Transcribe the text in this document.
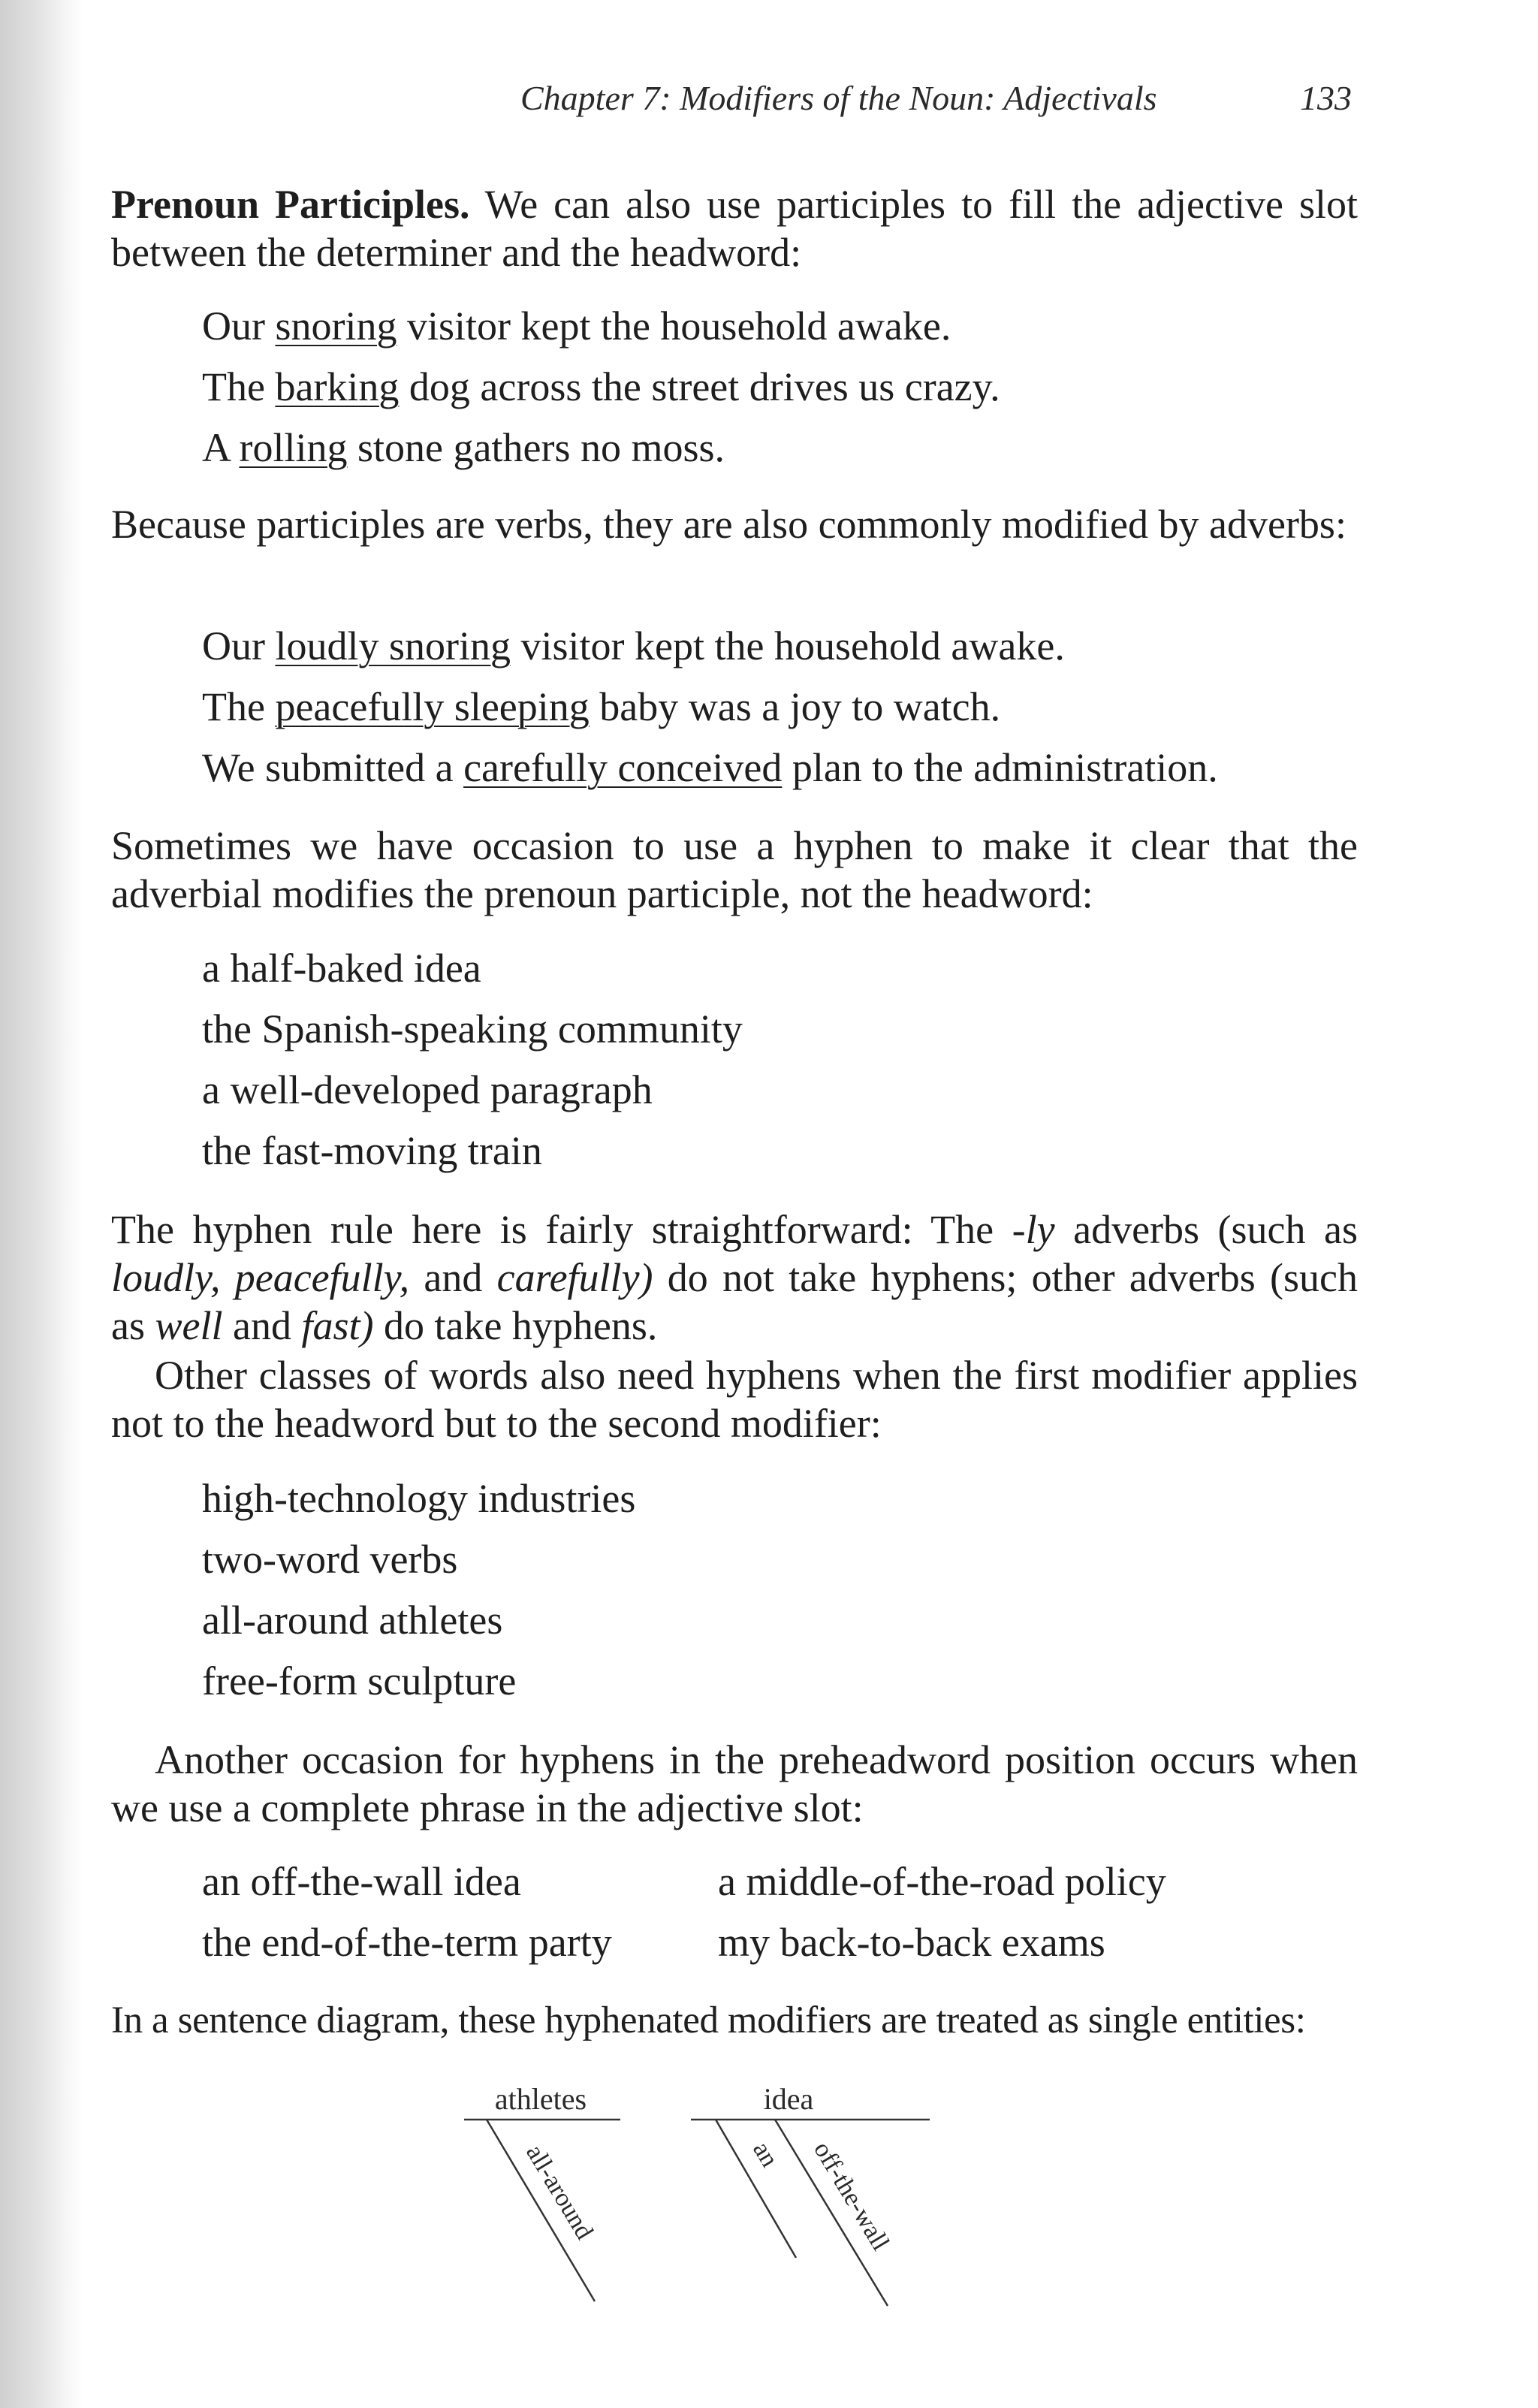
Chapter 7: Modifiers of the Noun: Adjectivals	133
Prenoun Participles. We can also use participles to fill the adjective slot between the determiner and the headword:
Our snoring visitor kept the household awake.
The barking dog across the street drives us crazy.
A rolling stone gathers no moss.
Because participles are verbs, they are also commonly modified by adverbs:
Our loudly snoring visitor kept the household awake.
The peacefully sleeping baby was a joy to watch.
We submitted a carefully conceived plan to the administration.
Sometimes we have occasion to use a hyphen to make it clear that the adverbial modifies the prenoun participle, not the headword:
a half-baked idea
the Spanish-speaking community
a well-developed paragraph
the fast-moving train
The hyphen rule here is fairly straightforward: The -ly adverbs (such as loudly, peacefully, and carefully) do not take hyphens; other adverbs (such as well and fast) do take hyphens.
Other classes of words also need hyphens when the first modifier applies not to the headword but to the second modifier:
high-technology industries
two-word verbs
all-around athletes
free-form sculpture
Another occasion for hyphens in the preheadword position occurs when we use a complete phrase in the adjective slot:
an off-the-wall idea
the end-of-the-term party
a middle-of-the-road policy
my back-to-back exams
In a sentence diagram, these hyphenated modifiers are treated as single entities:
athletes
all-around
idea
an off-the-wall
